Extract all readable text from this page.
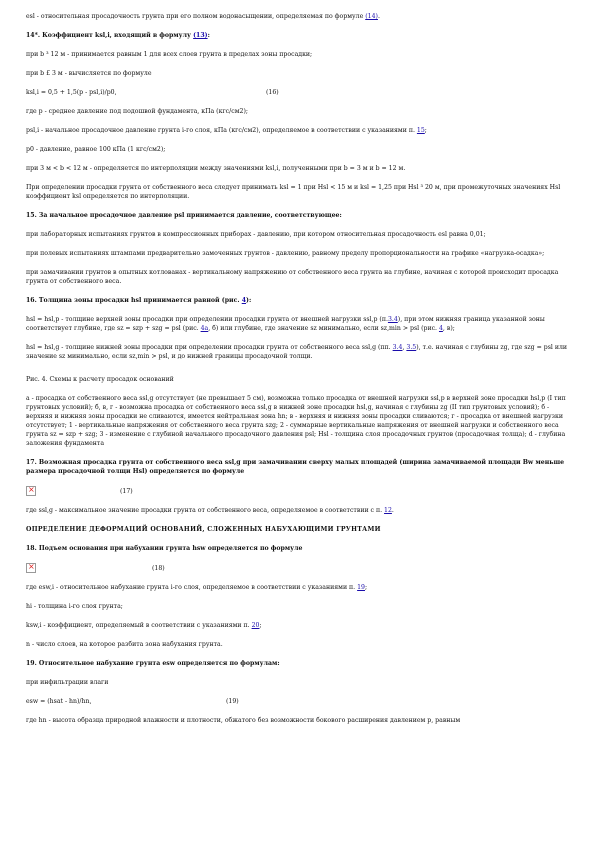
esl - относительная просадочность грунта при его полном водонасыщении, определяемая по формуле (14).

14*. Коэффициент ksl,i, входящий в формулу (13):

при b ³ 12 м - принимается равным 1 для всех слоев грунта в пределах зоны просадки;

при b £ 3 м - вычисляется по формуле

ksl,i = 0,5 + 1,5(p - psl,i)/p0,	(16)

где p - среднее давление под подошвой фундамента, кПа (кгс/см2);

psl,i - начальное просадочное давление грунта i-го слоя, кПа (кгс/см2), определяемое в соответствии с указаниями п. 15;

p0 - давление, равное 100 кПа (1 кгс/см2);

при 3 м < b < 12 м - определяется по интерполяции между значениями ksl,i, полученными при b = 3 м и b = 12 м.

При определении просадки грунта от собственного веса следует принимать ksl = 1 при Hsl < 15 м и ksl = 1,25 при Hsl ³ 20 м, при промежуточных значениях Hsl коэффициент ksl определяется по интерполяции.

15. За начальное просадочное давление psl принимается давление, соответствующее:

при лабораторных испытаниях грунтов в компрессионных приборах - давлению, при котором относительная просадочность esl равна 0,01;

при полевых испытаниях штампами предварительно замоченных грунтов - давлению, равному пределу пропорциональности на графике «нагрузка-осадка»;

при замачивании грунтов в опытных котлованах - вертикальному напряжению от собственного веса грунта на глубине, начиная с которой происходит просадка грунта от собственного веса.

16. Толщина зоны просадки hsl принимается равной (рис. 4):

hsl = hsl,p - толщине верхней зоны просадки при определении просадки грунта от внешней нагрузки ssl,p (п.3.4), при этом нижняя граница указанной зоны соответствует глубине, где sz = szp + szg = psl (рис. 4а, б) или глубине, где значение sz минимально, если sz,min > psl (рис. 4, в);

hsl = hsl,g - толщине нижней зоны просадки при определении просадки грунта от собственного веса ssl,g (пп. 3.4, 3.5), т.е. начиная с глубины zg, где szg = psl или значение sz минимально, если sz,min > psl, и до нижней границы просадочной толщи.

Рис. 4. Схемы к расчету просадок оснований

а - просадка от собственного веса ssl,g отсутствует (не превышает 5 см), возможна только просадка от внешней нагрузки ssl,p в верхней зоне просадки hsl,p (I тип грунтовых условий); б, в, г - возможна просадка от собственного веса ssl,g в нижней зоне просадки hsl,g, начиная с глубины zg (II тип грунтовых условий); б - верхняя и нижняя зоны просадки не сливаются, имеется нейтральная зона hn; в - верхняя и нижняя зоны просадки сливаются; г - просадка от внешней нагрузки отсутствует; 1 - вертикальные напряжения от собственного веса грунта szg; 2 - суммарные вертикальные напряжения от внешней нагрузки и собственного веса грунта sz = szp + szg; 3 - изменение с глубиной начального просадочного давления psl; Hsl - толщина слоя просадочных грунтов (просадочная толща); d - глубина заложения фундамента

17. Возможная просадка грунта от собственного веса ssl,g при замачивании сверху малых площадей (ширина замачиваемой площади Bw меньше размера просадочной толщи Hsl) определяется по формуле

×
(17)

где ssl,g - максимальное значение просадки грунта от собственного веса, определяемое в соответствии с п. 12.

ОПРЕДЕЛЕНИЕ ДЕФОРМАЦИЙ ОСНОВАНИЙ, СЛОЖЕННЫХ НАБУХАЮЩИМИ ГРУНТАМИ

18. Подъем основания при набухании грунта hsw определяется по формуле

×
(18)

где esw,i - относительное набухание грунта i-го слоя, определяемое в соответствии с указаниями п. 19;

hi - толщина i-го слоя грунта;

ksw,i - коэффициент, определяемый в соответствии с указаниями п. 20;

n - число слоев, на которое разбита зона набухания грунта.

19. Относительное набухание грунта esw определяется по формулам:

при инфильтрации влаги

esw = (hsat - hn)/hn,	(19)

где hn - высота образца природной влажности и плотности, обжатого без возможности бокового расширения давлением р, равным
